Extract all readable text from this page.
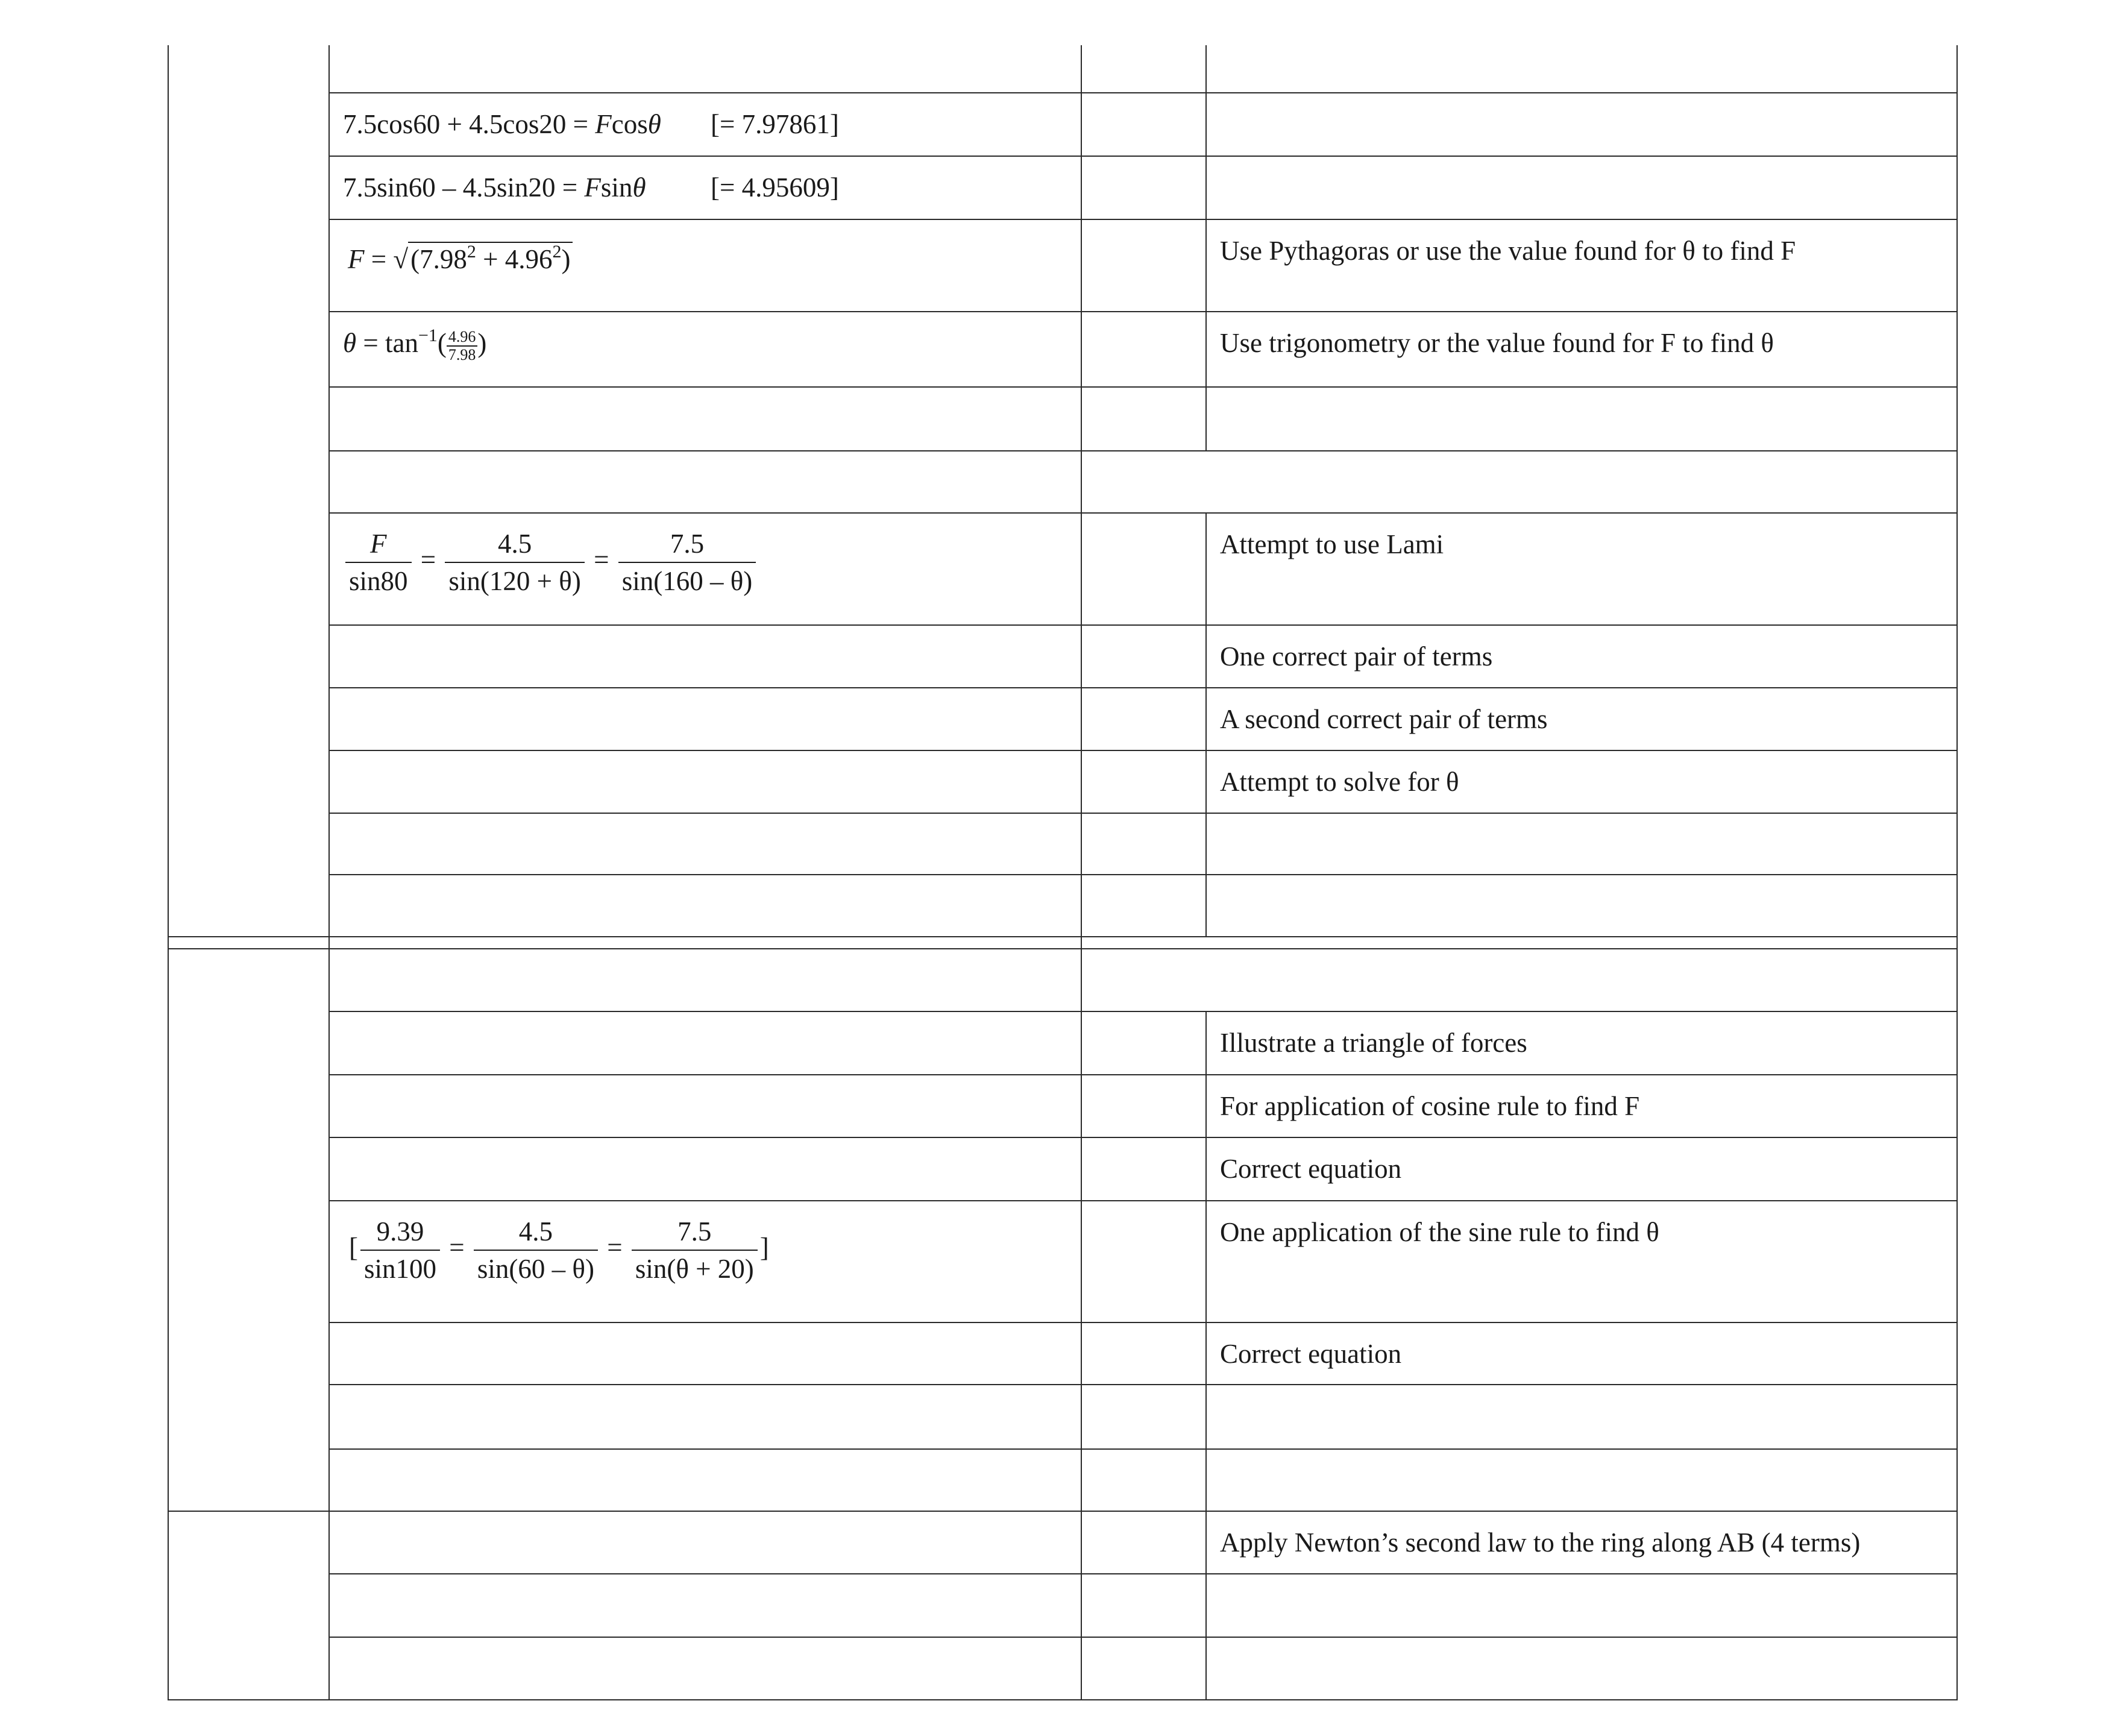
7.5cos60 + 4.5cos20 = Fcosθ [= 7.97861]
7.5sin60 – 4.5sin20 = Fsinθ [= 4.95609]
Use Pythagoras or use the value found for θ to find F
$F = √(7.98^2 + 4.96^2)$
Use trigonometry or the value found for F to find θ
$\theta = \tan^{-1}( \frac{4.96}{7.98}$ )
Attempt to use Lami
$\frac{F}{\sin 80} = \frac{4.5}{\sin(120 + \theta)} = \frac{7.5}{\sin(160 - \theta)}$
One correct pair of terms
A second correct pair of terms
Attempt to solve for θ
Illustrate a triangle of forces
For application of cosine rule to find F
Correct equation
One application of the sine rule to find θ
[ $\frac{9.39}{\sin 100} = \frac{4.5}{\sin(60 - \theta)} = \frac{7.5}{\sin(\theta + 20)}$ ]
Correct equation
Apply Newton’s second law to the ring along AB (4 terms)
